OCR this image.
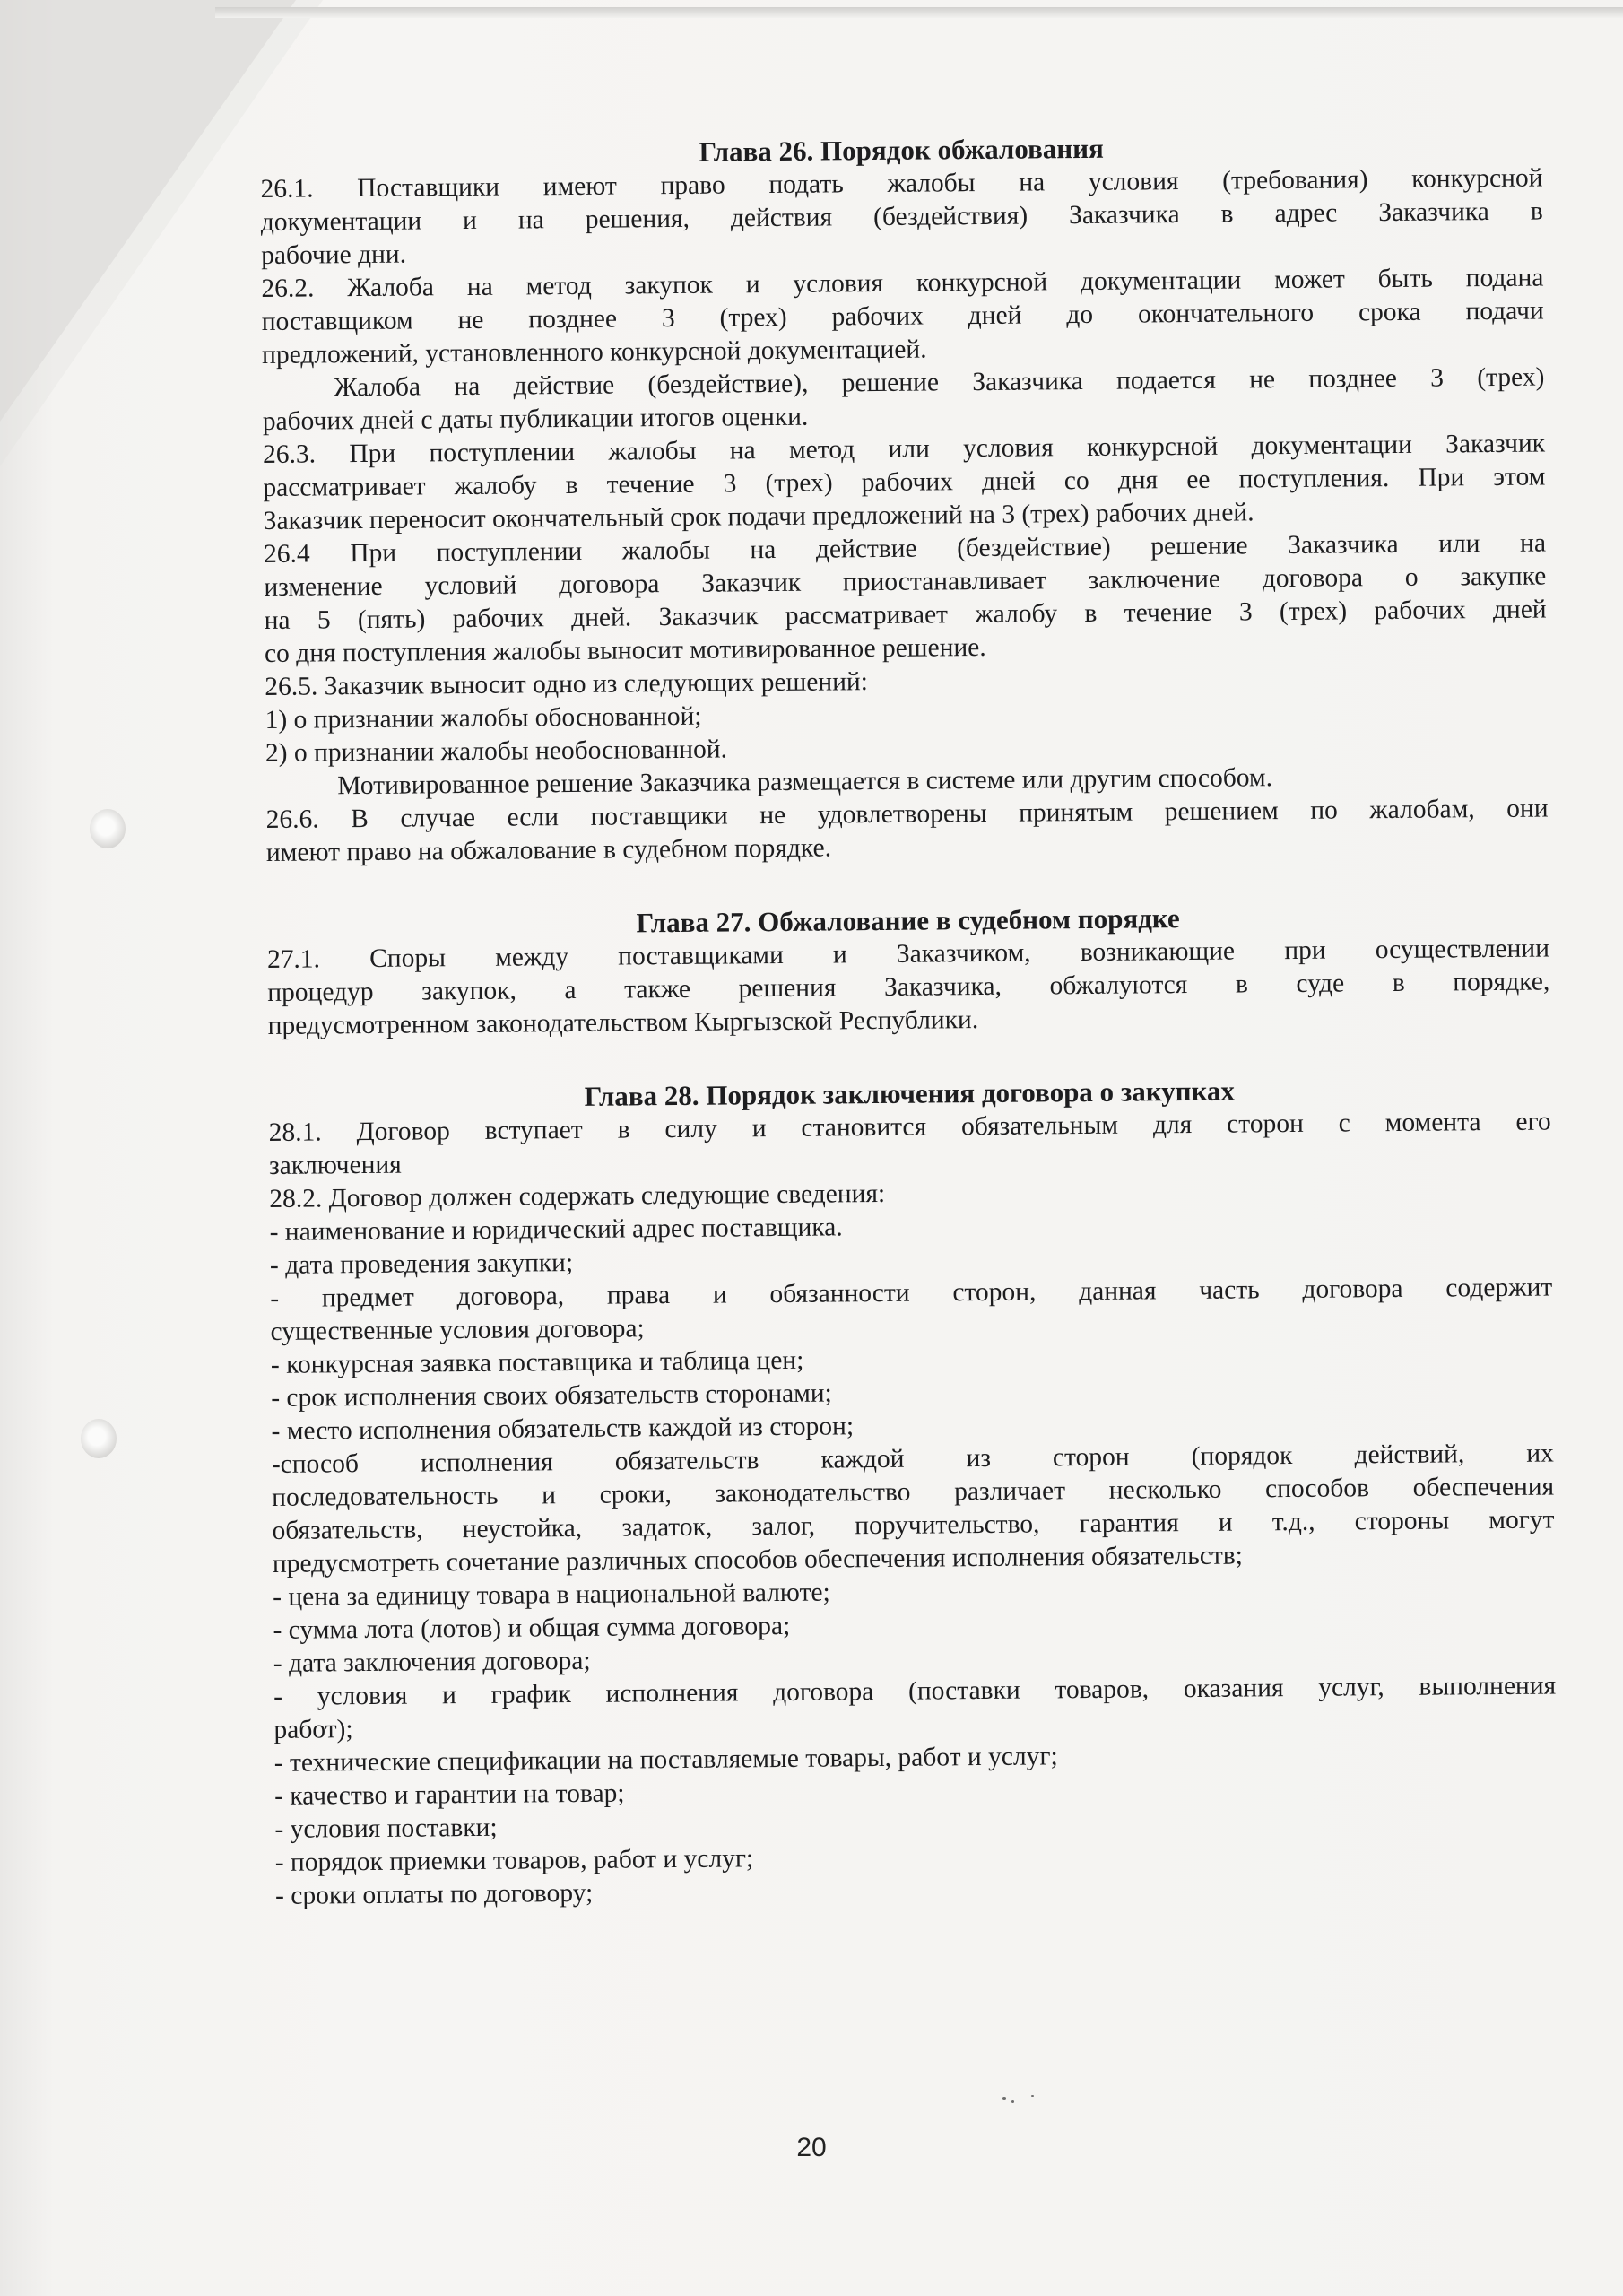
Глава 26. Порядок обжалования

26.1. Поставщики имеют право подать жалобы на условия (требования) конкурсной

документации и на решения, действия (бездействия) Заказчика в адрес Заказчика в

рабочие дни.

26.2. Жалоба на метод закупок и условия конкурсной документации может быть подана

поставщиком не позднее 3 (трех) рабочих дней до окончательного срока подачи

предложений, установленного конкурсной документацией.

Жалоба на действие (бездействие), решение Заказчика подается не позднее 3 (трех)

рабочих дней с даты публикации итогов оценки.

26.3. При поступлении жалобы на метод или условия конкурсной документации Заказчик

рассматривает жалобу в течение 3 (трех) рабочих дней со дня ее поступления. При этом

Заказчик переносит окончательный срок подачи предложений на 3 (трех) рабочих дней.

26.4 При поступлении жалобы на действие (бездействие) решение Заказчика или на

изменение условий договора Заказчик приостанавливает заключение договора о закупке

на 5 (пять) рабочих дней. Заказчик рассматривает жалобу в течение 3 (трех) рабочих дней

со дня поступления жалобы выносит мотивированное решение.

26.5. Заказчик выносит одно из следующих решений:

1) о признании жалобы обоснованной;

2) о признании жалобы необоснованной.

Мотивированное решение Заказчика размещается в системе или другим способом.

26.6. В случае если поставщики не удовлетворены принятым решением по жалобам, они

имеют право на обжалование в судебном порядке.

Глава 27. Обжалование в судебном порядке

27.1. Споры между поставщиками и Заказчиком, возникающие при осуществлении

процедур закупок, а также решения Заказчика, обжалуются в суде в порядке,

предусмотренном законодательством Кыргызской Республики.

Глава 28. Порядок заключения договора о закупках

28.1. Договор вступает в силу и становится обязательным для сторон с момента его

заключения

28.2. Договор должен содержать следующие сведения:

- наименование и юридический адрес поставщика.

- дата проведения закупки;

- предмет договора, права и обязанности сторон, данная часть договора содержит

существенные условия договора;

- конкурсная заявка поставщика и таблица цен;

- срок исполнения своих обязательств сторонами;

- место исполнения обязательств каждой из сторон;

-способ исполнения обязательств каждой из сторон (порядок действий, их

последовательность и сроки, законодательство различает несколько способов обеспечения

обязательств, неустойка, задаток, залог, поручительство, гарантия и т.д., стороны могут

предусмотреть сочетание различных способов обеспечения исполнения обязательств;

- цена за единицу товара в национальной валюте;

- сумма лота (лотов) и общая сумма договора;

- дата заключения договора;

- условия и график исполнения договора (поставки товаров, оказания услуг, выполнения

работ);

- технические спецификации на поставляемые товары, работ и услуг;

- качество и гарантии на товар;

- условия поставки;

- порядок приемки товаров, работ и услуг;

- сроки оплаты по договору;

20
